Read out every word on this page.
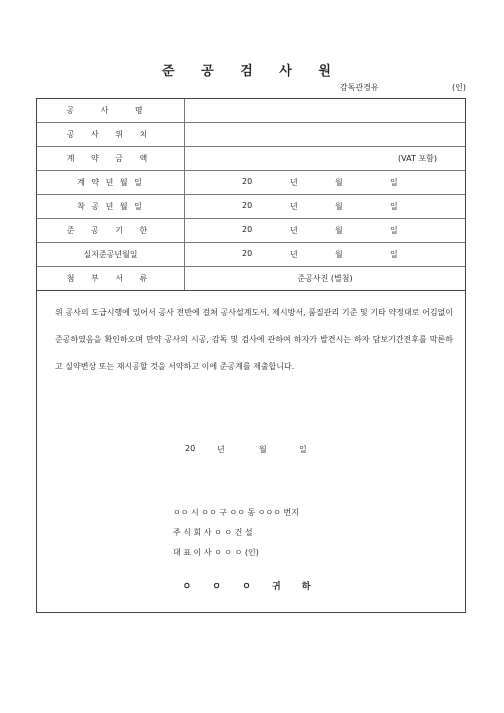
준 공 검 사 원
감독관경유	(인)
공 사 명	
공 사 위 치	
계 약 금 액	(VAT 포함)

계 약 년 월 일	20 년 월 일

착 공 년 월 일	20 년 월 일

준 공 기 한	20 년 월 일

실지준공년월일	20 년 월 일

첨 부 서 류	준공사진 (별첨)
위 공사의 도급시행에 있어서 공사 전반에 걸쳐 공사설계도서, 제시방서, 품질관리 기준 및 기타 약정대로 어김없이 준공하였음을 확인하오며 만약 공사의 시공, 감독 및 검사에 관하여 하자가 발견시는 하자 담보기간전후를 막론하고 실약변상 또는 재시공할 것을 서약하고 이에 준공계를 제출합니다.
20	년	월	일
ㅇㅇ 시 ㅇㅇ 구 ㅇㅇ 동 ㅇㅇㅇ 번지
주 식 회 사 ㅇ ㅇ 건 설
대 표 이 사 ㅇ ㅇ ㅇ (인)
ㅇ ㅇ ㅇ 귀 하
